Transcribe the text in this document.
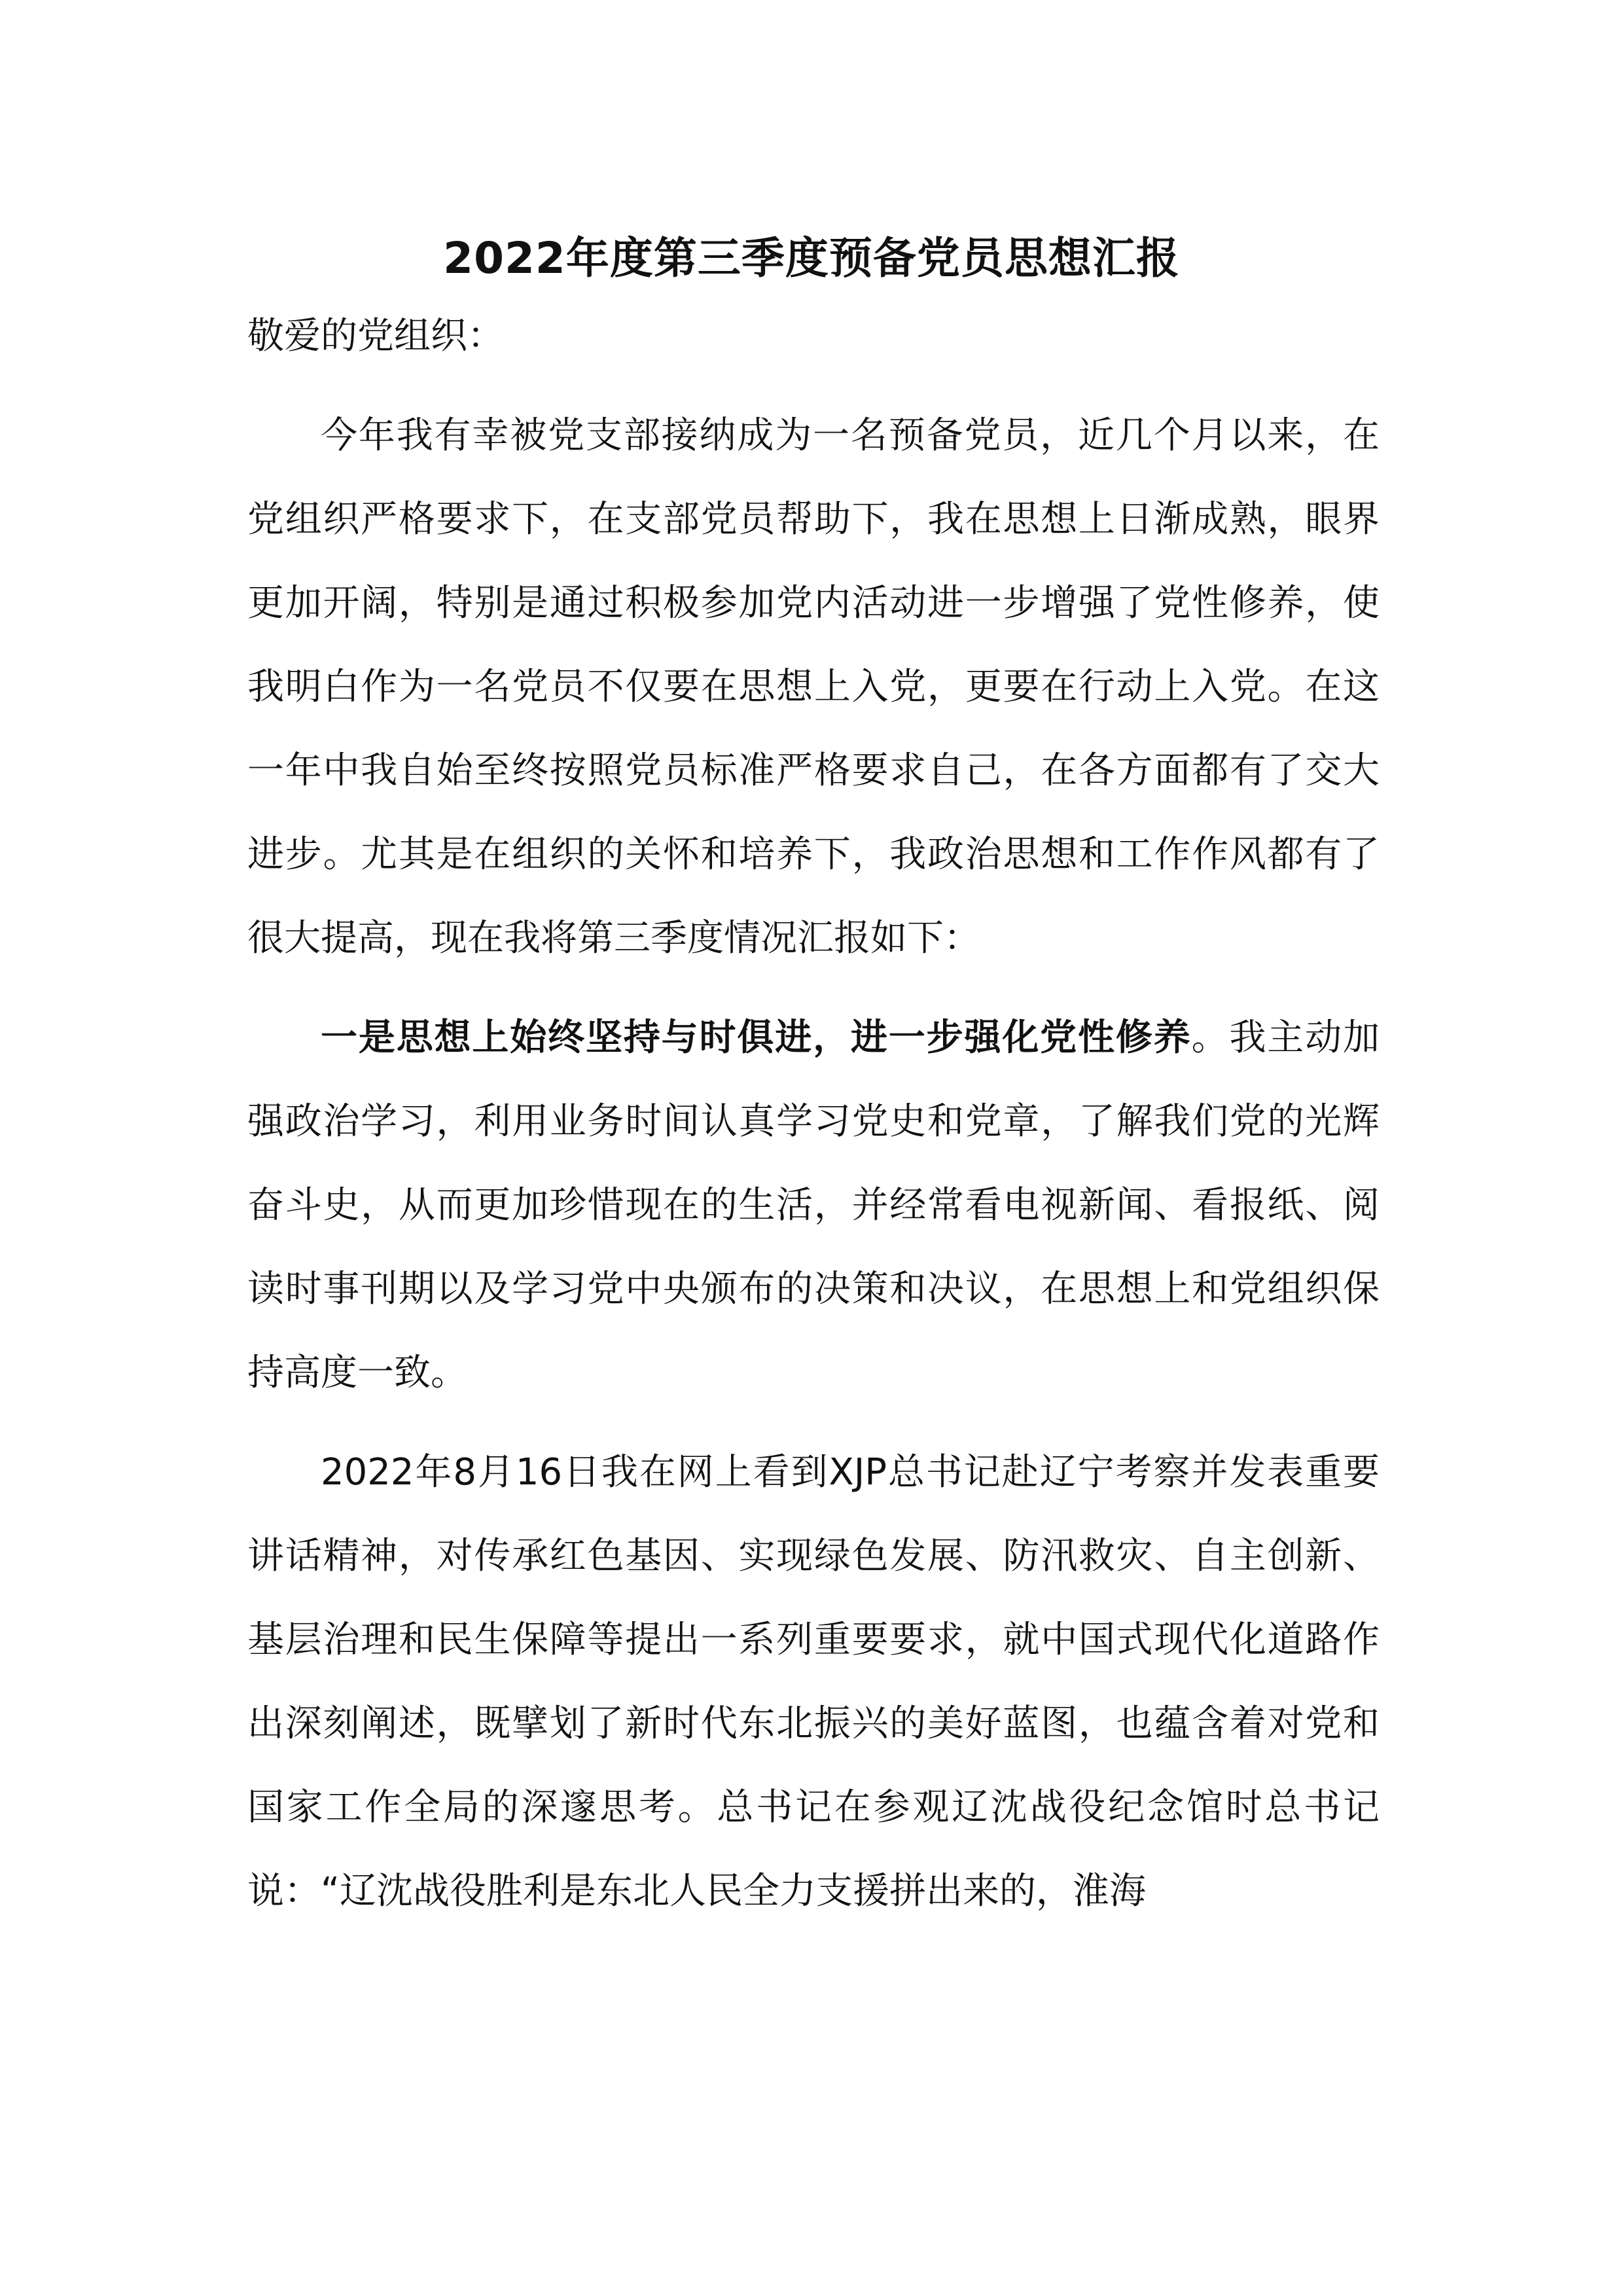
2022年度第三季度预备党员思想汇报
敬爱的党组织：

今年我有幸被党支部接纳成为一名预备党员，近几个月以来，在党组织严格要求下，在支部党员帮助下，我在思想上日渐成熟，眼界更加开阔，特别是通过积极参加党内活动进一步增强了党性修养，使我明白作为一名党员不仅要在思想上入党，更要在行动上入党。在这一年中我自始至终按照党员标准严格要求自己，在各方面都有了交大进步。尤其是在组织的关怀和培养下，我政治思想和工作作风都有了很大提高，现在我将第三季度情况汇报如下：

一是思想上始终坚持与时俱进，进一步强化党性修养。我主动加强政治学习，利用业务时间认真学习党史和党章，了解我们党的光辉奋斗史，从而更加珍惜现在的生活，并经常看电视新闻、看报纸、阅读时事刊期以及学习党中央颁布的决策和决议，在思想上和党组织保持高度一致。

2022年8月16日我在网上看到XJP总书记赴辽宁考察并发表重要讲话精神，对传承红色基因、实现绿色发展、防汛救灾、自主创新、基层治理和民生保障等提出一系列重要要求，就中国式现代化道路作出深刻阐述，既擘划了新时代东北振兴的美好蓝图，也蕴含着对党和国家工作全局的深邃思考。总书记在参观辽沈战役纪念馆时总书记说：“辽沈战役胜利是东北人民全力支援拼出来的，淮海
